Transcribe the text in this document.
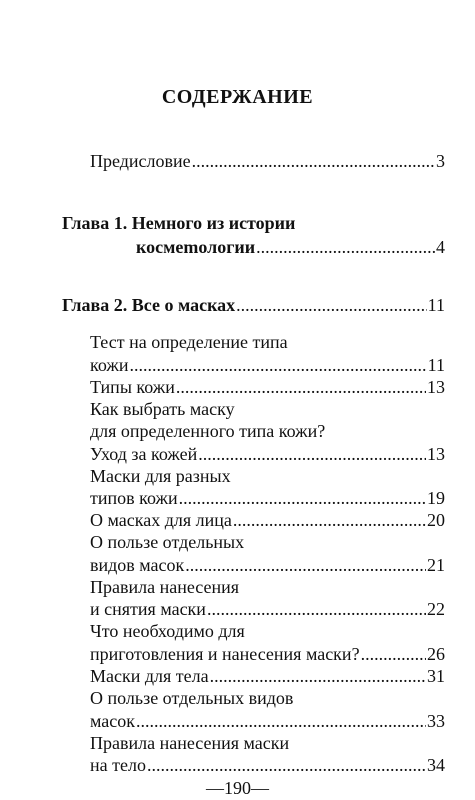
СОДЕРЖАНИЕ
Предисловие .....	3
Глава 1. Немного из истории
космеmологии .....	4
Глава 2. Все о масках .....	11
Тест на определение типа
кожи .....	11
Типы кожи .....	13
Как выбрать маску
для определенного типа кожи?
Уход за кожей .....	13
Маски для разных
типов кожи .....	19
О масках для лица .....	20
О пользе отдельных
видов масок .....	21
Правила нанесения
и снятия маски .....	22
Что необходимо для
приготовления и нанесения маски? .....	26
Маски для тела .....	31
О пользе отдельных видов
масок .....	33
Правила нанесения маски
на тело .....	34
—190—
